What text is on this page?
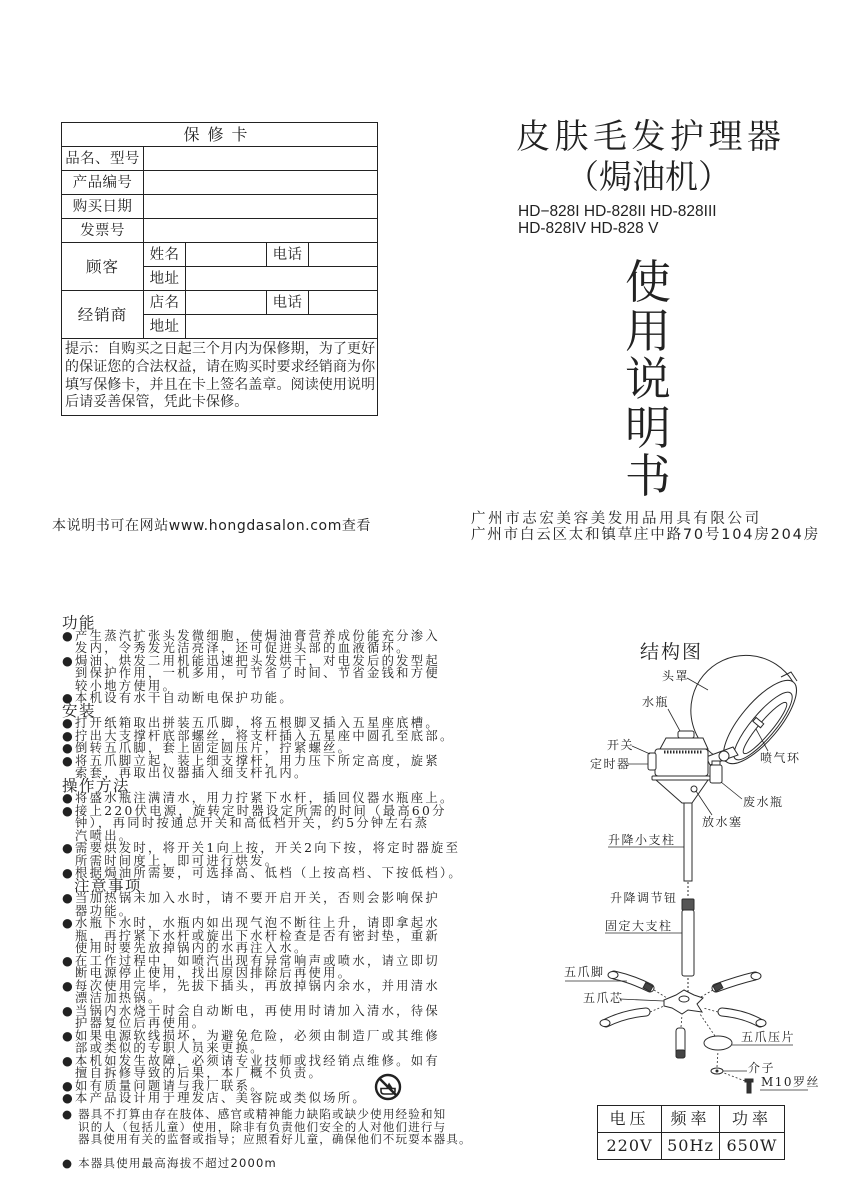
保修卡				
品名、型号				
产品编号				
购买日期				
发票号				
顾客	姓名		电话	
	地址			
经销商	店名		电话	
	地址			

提示：自购买之日起三个月内为保修期，为了更好
的保证您的合法权益，请在购买时要求经销商为你
填写保修卡，并且在卡上签名盖章。阅读使用说明
后请妥善保管，凭此卡保修。				
皮肤毛发护理器
（焗油机）
HD−828I HD-828II HD-828III
HD-828IV HD-828 V
使用说明书
本说明书可在网站www.hongdasalon.com查看	广州市志宏美容美发用品用具有限公司
广州市白云区太和镇草庄中路70号104房204房
功能
●产生蒸汽扩张头发微细胞，使焗油膏营养成份能充分渗入
发内，令秀发光洁亮泽，还可促进头部的血液循环。
●焗油、烘发二用机能迅速把头发烘干，对电发后的发型起
到保护作用，一机多用，可节省了时间、节省金钱和方便
较小地方使用。
●本机设有水干自动断电保护功能。
安装
●打开纸箱取出拼装五爪脚，将五根脚叉插入五星座底槽。
●拧出大支撑杆底部螺丝，将支杆插入五星座中圆孔至底部。
●倒转五爪脚，套上固定圆压片，拧紧螺丝。
●将五爪脚立起，装上细支撑杆，用力压下所定高度，旋紧
索套，再取出仪器插入细支杆孔内。
操作方法
●将盛水瓶注满清水，用力拧紧下水杆，插回仪器水瓶座上。
●接上220伏电源，旋转定时器设定所需的时间（最高60分
钟），再同时按通总开关和高低档开关，约5分钟左右蒸
汽喷出。
●需要烘发时，将开关1向上按，开关2向下按，将定时器旋至
所需时间度上，即可进行烘发。
●根据焗油所需要，可选择高、低档（上按高档、下按低档）。
注意事项
●当加热锅未加入水时，请不要开启开关，否则会影响保护
器功能。
●水瓶下水时，水瓶内如出现气泡不断往上升，请即拿起水
瓶，再拧紧下水杆或旋出下水杆检查是否有密封垫，重新
使用时要先放掉锅内的水再注入水。
●在工作过程中，如喷汽出现有异常响声或喷水，请立即切
断电源停止使用，找出原因排除后再使用。
●每次使用完毕，先拔下插头，再放掉锅内余水，并用清水
漂洁加热锅。
●当锅内水烧干时会自动断电，再使用时请加入清水，待保
护器复位后再使用。
●如果电源软线损坏，为避免危险，必须由制造厂或其维修
部或类似的专职人员来更换。
●本机如发生故障，必须请专业技师或找经销点维修。如有
擅自拆修导致的后果，本厂概不负责。
●如有质量问题请与我厂联系。
●本产品设计用于理发店、美容院或类似场所。
● 器具不打算由存在肢体、感官或精神能力缺陷或缺少使用经验和知
识的人（包括儿童）使用，除非有负责他们安全的人对他们进行与
器具使用有关的监督或指导；应照看好儿童，确保他们不玩耍本器具。
● 本器具使用最高海拔不超过2000m
结构图
头罩
水瓶
开关
定时器	喷气环
废水瓶
放水塞
升降小支柱
升降调节钮
固定大支柱
五爪脚
五爪芯
五爪压片
介子
M10罗丝
电压	频率	功率
220V	50Hz	650W
